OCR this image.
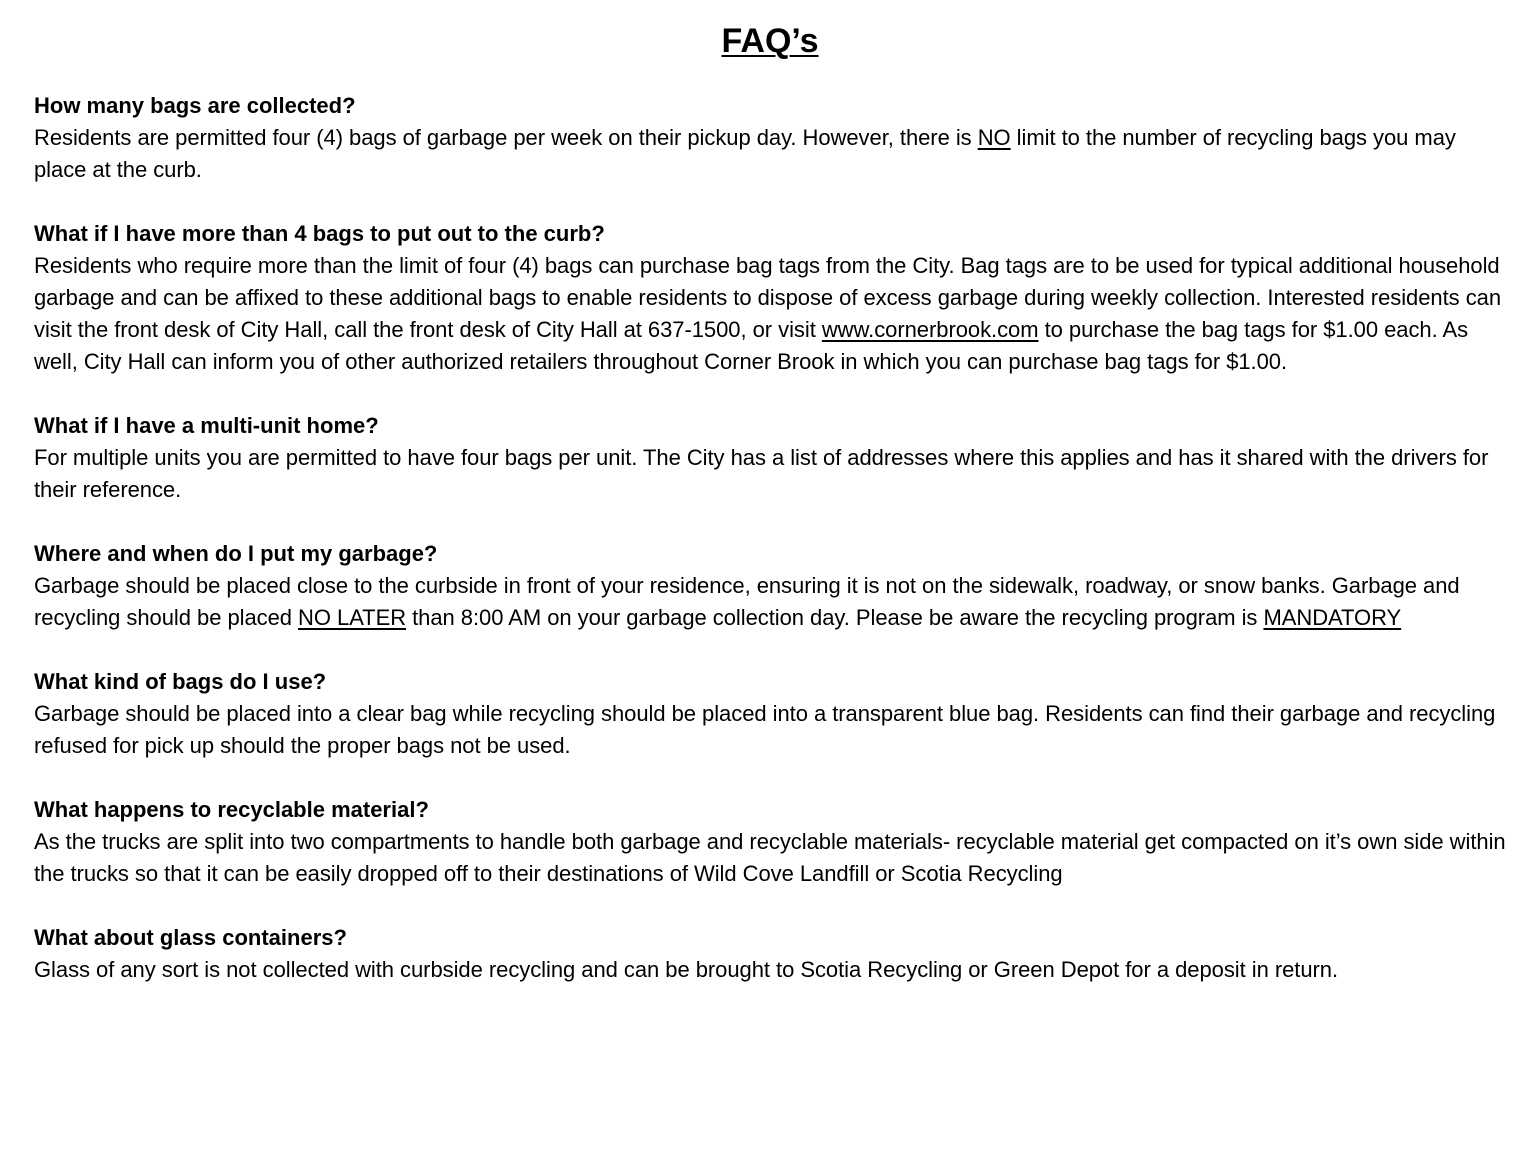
FAQ’s

How many bags are collected?

Residents are permitted four (4) bags of garbage per week on their pickup day. However, there is NO limit to the number of recycling bags you may place at the curb.

What if I have more than 4 bags to put out to the curb?

Residents who require more than the limit of four (4) bags can purchase bag tags from the City. Bag tags are to be used for typical additional household garbage and can be affixed to these additional bags to enable residents to dispose of excess garbage during weekly collection. Interested residents can visit the front desk of City Hall, call the front desk of City Hall at 637-1500, or visit www.cornerbrook.com to purchase the bag tags for $1.00 each. As well, City Hall can inform you of other authorized retailers throughout Corner Brook in which you can purchase bag tags for $1.00.

What if I have a multi-unit home?

For multiple units you are permitted to have four bags per unit. The City has a list of addresses where this applies and has it shared with the drivers for their reference.

Where and when do I put my garbage?

Garbage should be placed close to the curbside in front of your residence, ensuring it is not on the sidewalk, roadway, or snow banks. Garbage and recycling should be placed NO LATER than 8:00 AM on your garbage collection day. Please be aware the recycling program is MANDATORY

What kind of bags do I use?

Garbage should be placed into a clear bag while recycling should be placed into a transparent blue bag. Residents can find their garbage and recycling refused for pick up should the proper bags not be used.

What happens to recyclable material?

As the trucks are split into two compartments to handle both garbage and recyclable materials- recyclable material get compacted on it’s own side within the trucks so that it can be easily dropped off to their destinations of Wild Cove Landfill or Scotia Recycling

What about glass containers?

Glass of any sort is not collected with curbside recycling and can be brought to Scotia Recycling or Green Depot for a deposit in return.
